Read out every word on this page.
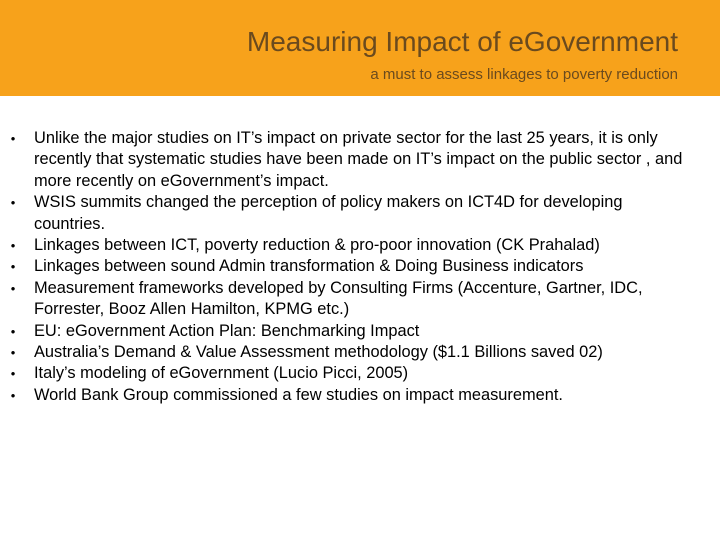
Measuring Impact of eGovernment
a must to assess linkages to poverty reduction
• Unlike the major studies on IT’s impact on private sector for the last 25 years, it is only recently that systematic studies have been made on IT’s impact on the public sector , and more recently on eGovernment’s impact.
• WSIS summits changed the perception of policy makers on ICT4D for developing countries.
• Linkages between ICT, poverty reduction & pro-poor innovation (CK Prahalad)
• Linkages between sound Admin transformation & Doing Business indicators
• Measurement frameworks developed by Consulting Firms (Accenture, Gartner, IDC, Forrester, Booz Allen Hamilton, KPMG etc.)
• EU: eGovernment Action Plan: Benchmarking Impact
• Australia’s Demand & Value Assessment methodology ($1.1 Billions saved 02)
• Italy’s modeling of eGovernment (Lucio Picci, 2005)
• World Bank Group commissioned a few studies on impact measurement.
